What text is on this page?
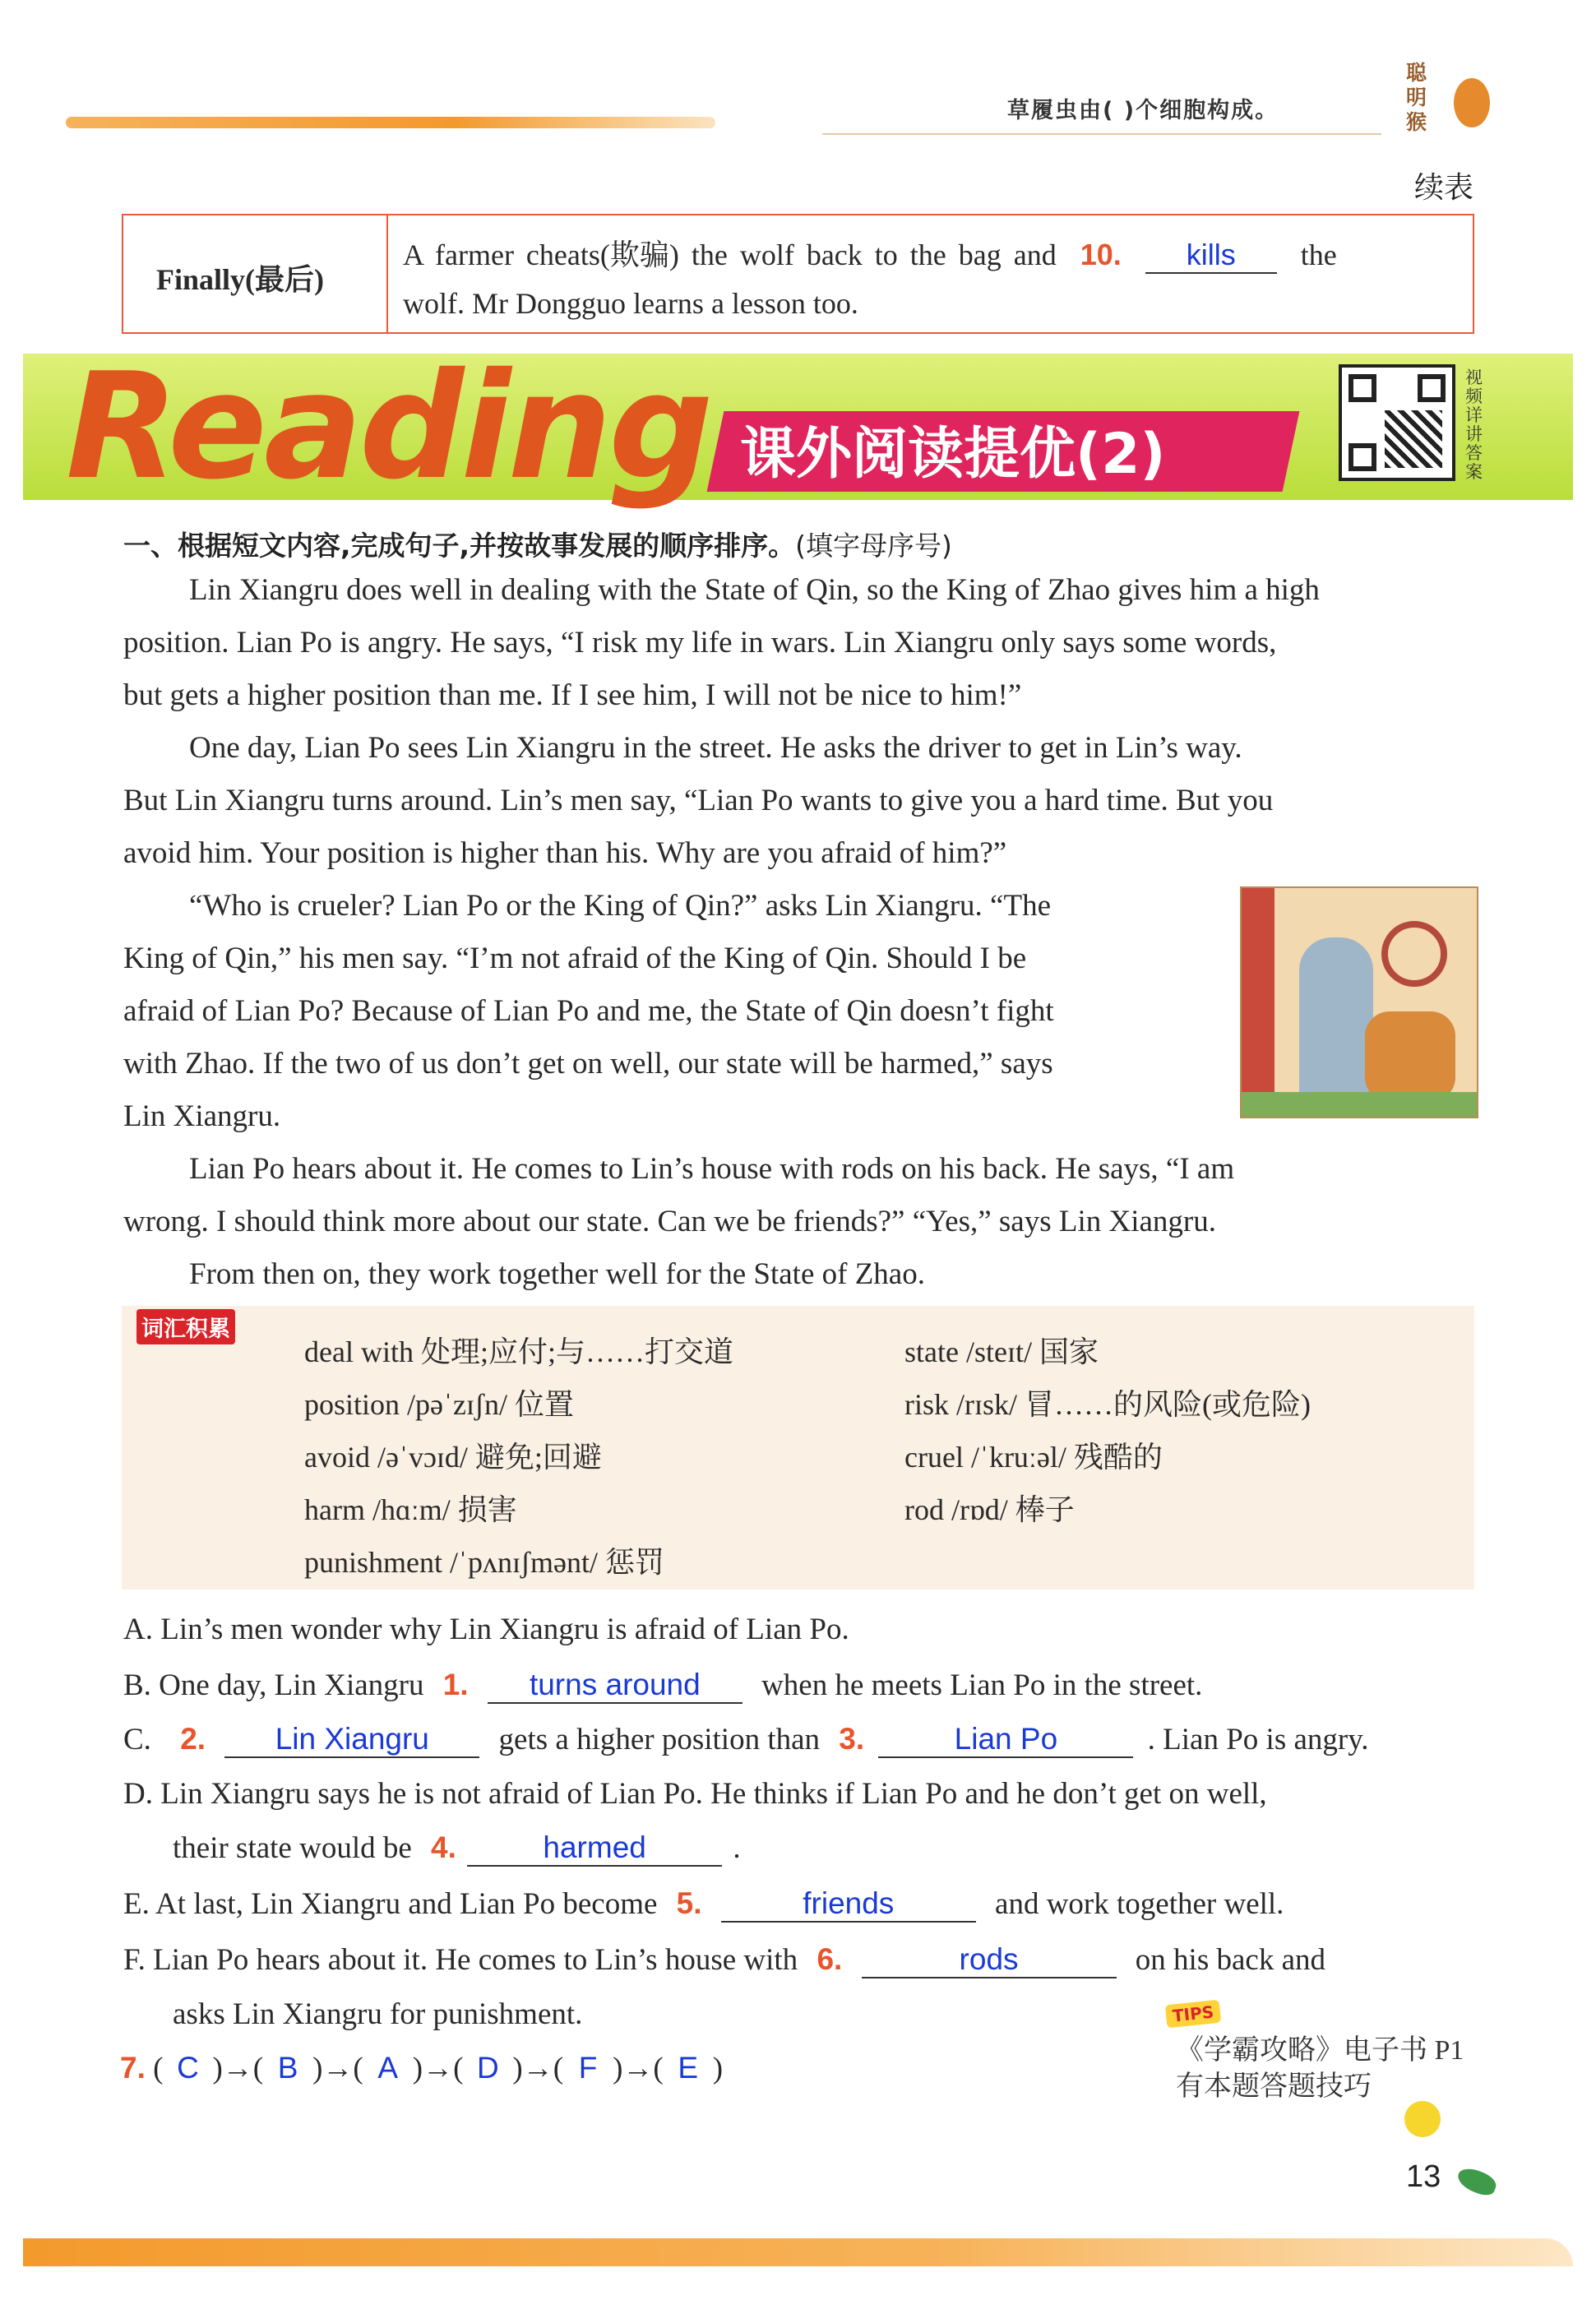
草履虫由( )个细胞构成。
聪明猴
续表
Finally(最后)
A farmer cheats(欺骗) the wolf back to the bag and 10. kills the
wolf. Mr Dongguo learns a lesson too.
Reading 课外阅读提优(2)
视频详讲答案
一、根据短文内容,完成句子,并按故事发展的顺序排序。(填字母序号)
Lin Xiangru does well in dealing with the State of Qin, so the King of Zhao gives him a high
position. Lian Po is angry. He says, “I risk my life in wars. Lin Xiangru only says some words,
but gets a higher position than me. If I see him, I will not be nice to him!”
One day, Lian Po sees Lin Xiangru in the street. He asks the driver to get in Lin’s way.
But Lin Xiangru turns around. Lin’s men say, “Lian Po wants to give you a hard time. But you
avoid him. Your position is higher than his. Why are you afraid of him?”
“Who is crueler? Lian Po or the King of Qin?” asks Lin Xiangru. “The
King of Qin,” his men say. “I’m not afraid of the King of Qin. Should I be
afraid of Lian Po? Because of Lian Po and me, the State of Qin doesn’t fight
with Zhao. If the two of us don’t get on well, our state will be harmed,” says
Lin Xiangru.
Lian Po hears about it. He comes to Lin’s house with rods on his back. He says, “I am
wrong. I should think more about our state. Can we be friends?” “Yes,” says Lin Xiangru.
From then on, they work together well for the State of Zhao.
词汇积累
deal with 处理;应付;与……打交道
position /pəˈzɪʃn/ 位置
avoid /əˈvɔɪd/ 避免;回避
harm /hɑːm/ 损害
punishment /ˈpʌnɪʃmənt/ 惩罚
state /steɪt/ 国家
risk /rɪsk/ 冒……的风险(或危险)
cruel /ˈkruːəl/ 残酷的
rod /rɒd/ 棒子
A. Lin’s men wonder why Lin Xiangru is afraid of Lian Po.
B. One day, Lin Xiangru 1. turns around when he meets Lian Po in the street.
C. 2. Lin Xiangru gets a higher position than 3.	Lian Po	. Lian Po is angry.
D. Lin Xiangru says he is not afraid of Lian Po. He thinks if Lian Po and he don’t get on well,
their state would be 4.	harmed	.
E. At last, Lin Xiangru and Lian Po become 5.	friends	and work together well.
F. Lian Po hears about it. He comes to Lin’s house with 6.	rods	on his back and
asks Lin Xiangru for punishment.
7. ( C )→( B )→( A )→( D )→( F )→( E )
TIPS
《学霸攻略》电子书 P1
有本题答题技巧
13
